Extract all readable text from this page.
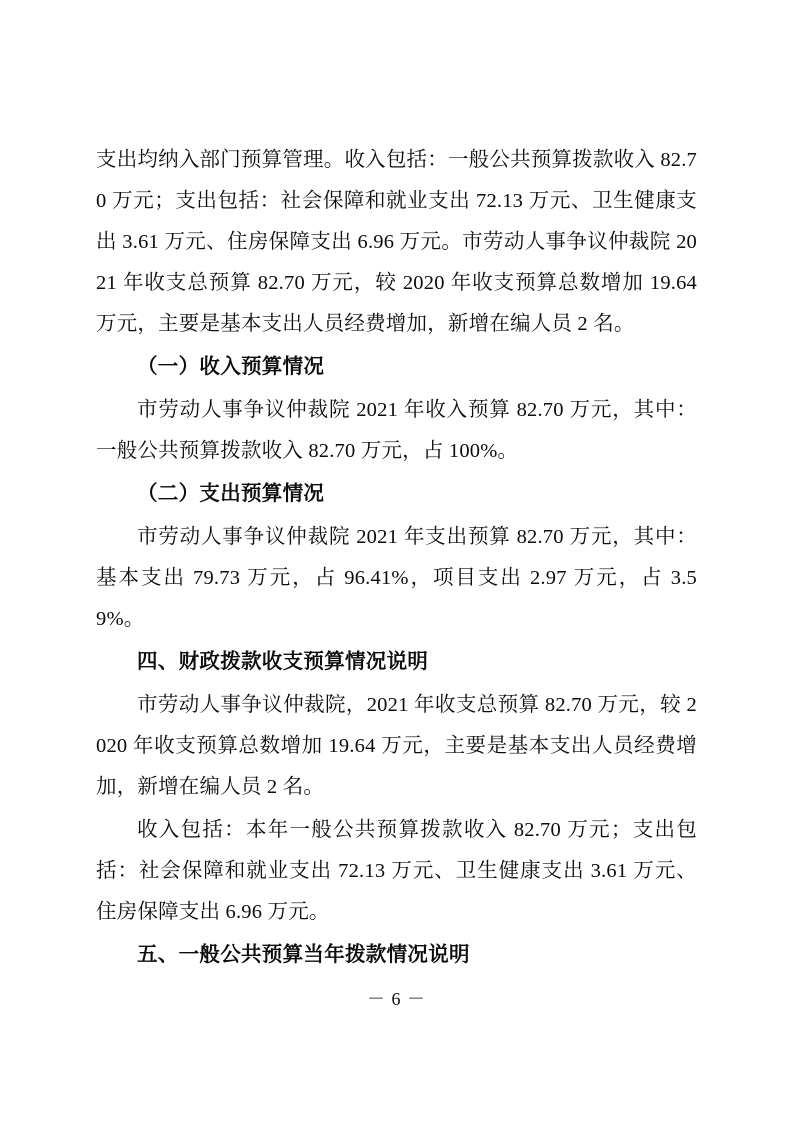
支出均纳入部门预算管理。收入包括：一般公共预算拨款收入 82.70 万元；支出包括：社会保障和就业支出 72.13 万元、卫生健康支出 3.61 万元、住房保障支出 6.96 万元。市劳动人事争议仲裁院 2021 年收支总预算 82.70 万元，较 2020 年收支预算总数增加 19.64 万元，主要是基本支出人员经费增加，新增在编人员 2 名。

（一）收入预算情况

市劳动人事争议仲裁院 2021 年收入预算 82.70 万元，其中：一般公共预算拨款收入 82.70 万元，占 100%。

（二）支出预算情况

市劳动人事争议仲裁院 2021 年支出预算 82.70 万元，其中：基本支出 79.73 万元，占 96.41%，项目支出 2.97 万元，占 3.59%。

四、财政拨款收支预算情况说明

市劳动人事争议仲裁院，2021 年收支总预算 82.70 万元，较 2020 年收支预算总数增加 19.64 万元，主要是基本支出人员经费增加，新增在编人员 2 名。

收入包括：本年一般公共预算拨款收入 82.70 万元；支出包括：社会保障和就业支出 72.13 万元、卫生健康支出 3.61 万元、住房保障支出 6.96 万元。

五、一般公共预算当年拨款情况说明

－ 6 －
